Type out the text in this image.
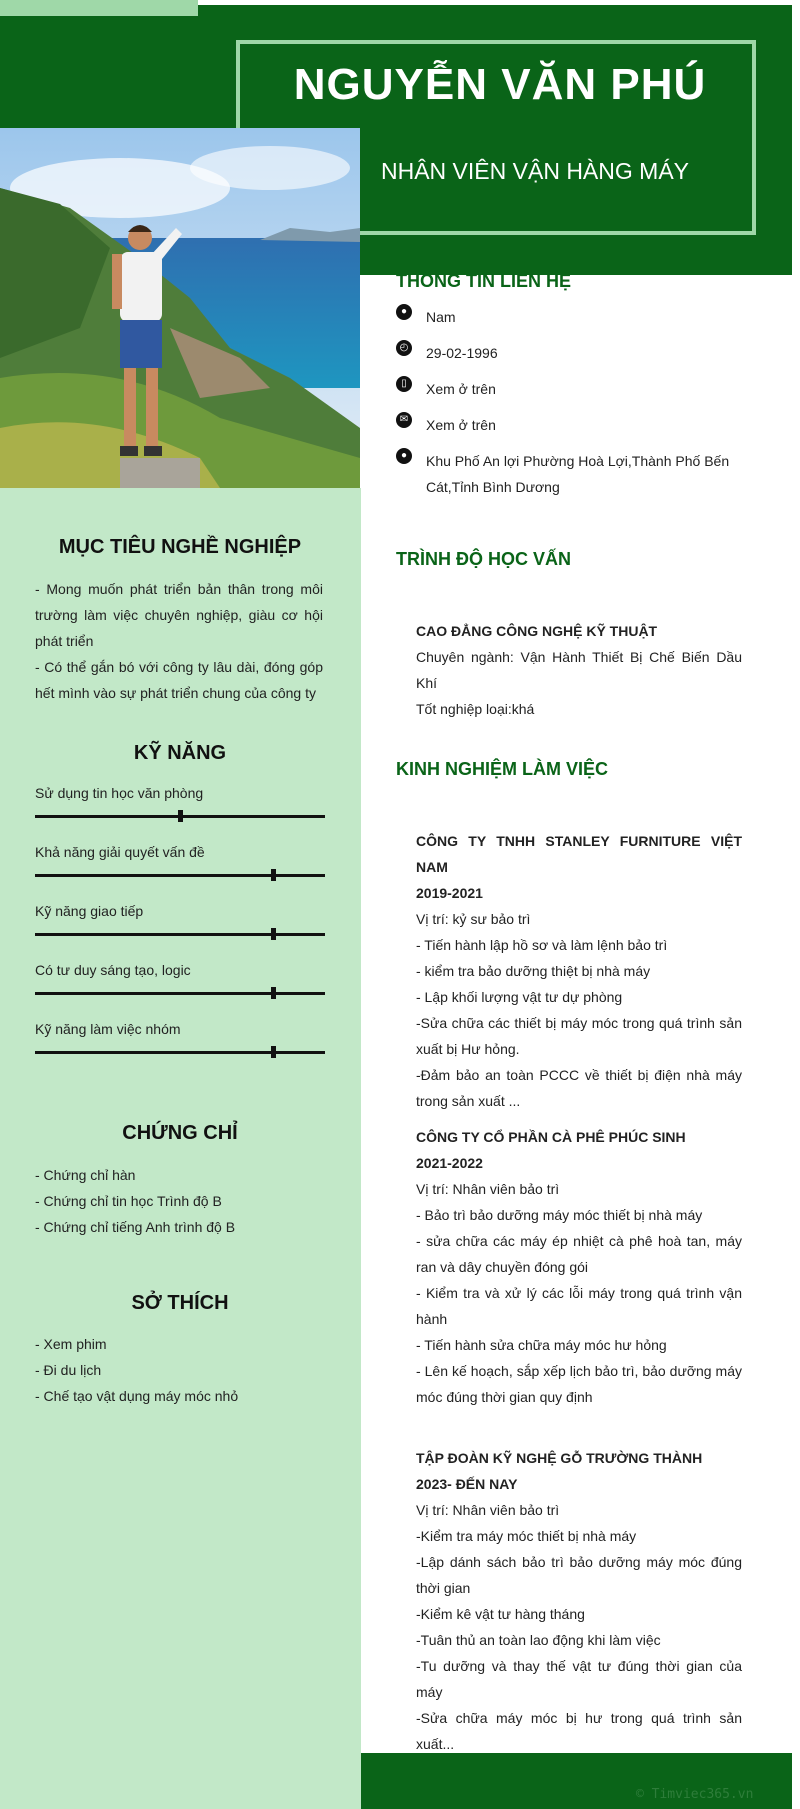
NGUYỄN VĂN PHÚ
NHÂN VIÊN VẬN HÀNG MÁY
MỤC TIÊU NGHỀ NGHIỆP
- Mong muốn phát triển bản thân trong môi trường làm việc chuyên nghiệp, giàu cơ hội phát triển
- Có thể gắn bó với công ty lâu dài, đóng góp hết mình vào sự phát triển chung của công ty
KỸ NĂNG
Sử dụng tin học văn phòng
Khả năng giải quyết vấn đề
Kỹ năng giao tiếp
Có tư duy sáng tạo, logic
Kỹ năng làm việc nhóm
CHỨNG CHỈ
- Chứng chỉ hàn
- Chứng chỉ tin học Trình độ B
- Chứng chỉ tiếng Anh trình độ B
SỞ THÍCH
- Xem phim
- Đi du lịch
- Chế tạo vật dụng máy móc nhỏ
THÔNG TIN LIÊN HỆ
●	Nam
◴ 29-02-1996
▯	Xem ở trên
✉ Xem ở trên
●	Khu Phố An lợi Phường Hoà Lợi,Thành Phố Bến Cát,Tỉnh Bình Dương
TRÌNH ĐỘ HỌC VẤN
CAO ĐẲNG CÔNG NGHỆ KỸ THUẬT
Chuyên ngành: Vận Hành Thiết Bị Chế Biến Dầu Khí
Tốt nghiệp loại:khá
KINH NGHIỆM LÀM VIỆC
CÔNG TY TNHH STANLEY FURNITURE VIỆT NAM
2019-2021
Vị trí: kỷ sư bảo trì
- Tiến hành lập hồ sơ và làm lệnh bảo trì
- kiểm tra bảo dưỡng thiệt bị nhà máy
- Lập khối lượng vật tư dự phòng
-Sửa chữa các thiết bị máy móc trong quá trình sản xuất bị Hư hỏng.
-Đảm bảo an toàn PCCC về thiết bị điện nhà máy trong sản xuất ...
CÔNG TY CỔ PHẦN CÀ PHÊ PHÚC SINH
2021-2022
Vị trí: Nhân viên bảo trì
- Bảo trì bảo dưỡng máy móc thiết bị nhà máy
- sửa chữa các máy ép nhiệt cà phê hoà tan, máy ran và dây chuyền đóng gói
- Kiểm tra và xử lý các lỗi máy trong quá trình vận hành
- Tiến hành sửa chữa máy móc hư hỏng
- Lên kế hoạch, sắp xếp lịch bảo trì, bảo dưỡng máy móc đúng thời gian quy định
TẬP ĐOÀN KỸ NGHỆ GỖ TRƯỜNG THÀNH
2023- ĐẾN NAY
Vị trí: Nhân viên bảo trì
-Kiểm tra máy móc thiết bị nhà máy
-Lập dánh sách bảo trì bảo dưỡng máy móc đúng thời gian
-Kiểm kê vật tư hàng tháng
-Tuân thủ an toàn lao động khi làm việc
-Tu dưỡng và thay thế vật tư đúng thời gian của máy
-Sửa chữa máy móc bị hư trong quá trình sản xuất...
© Timviec365.vn
